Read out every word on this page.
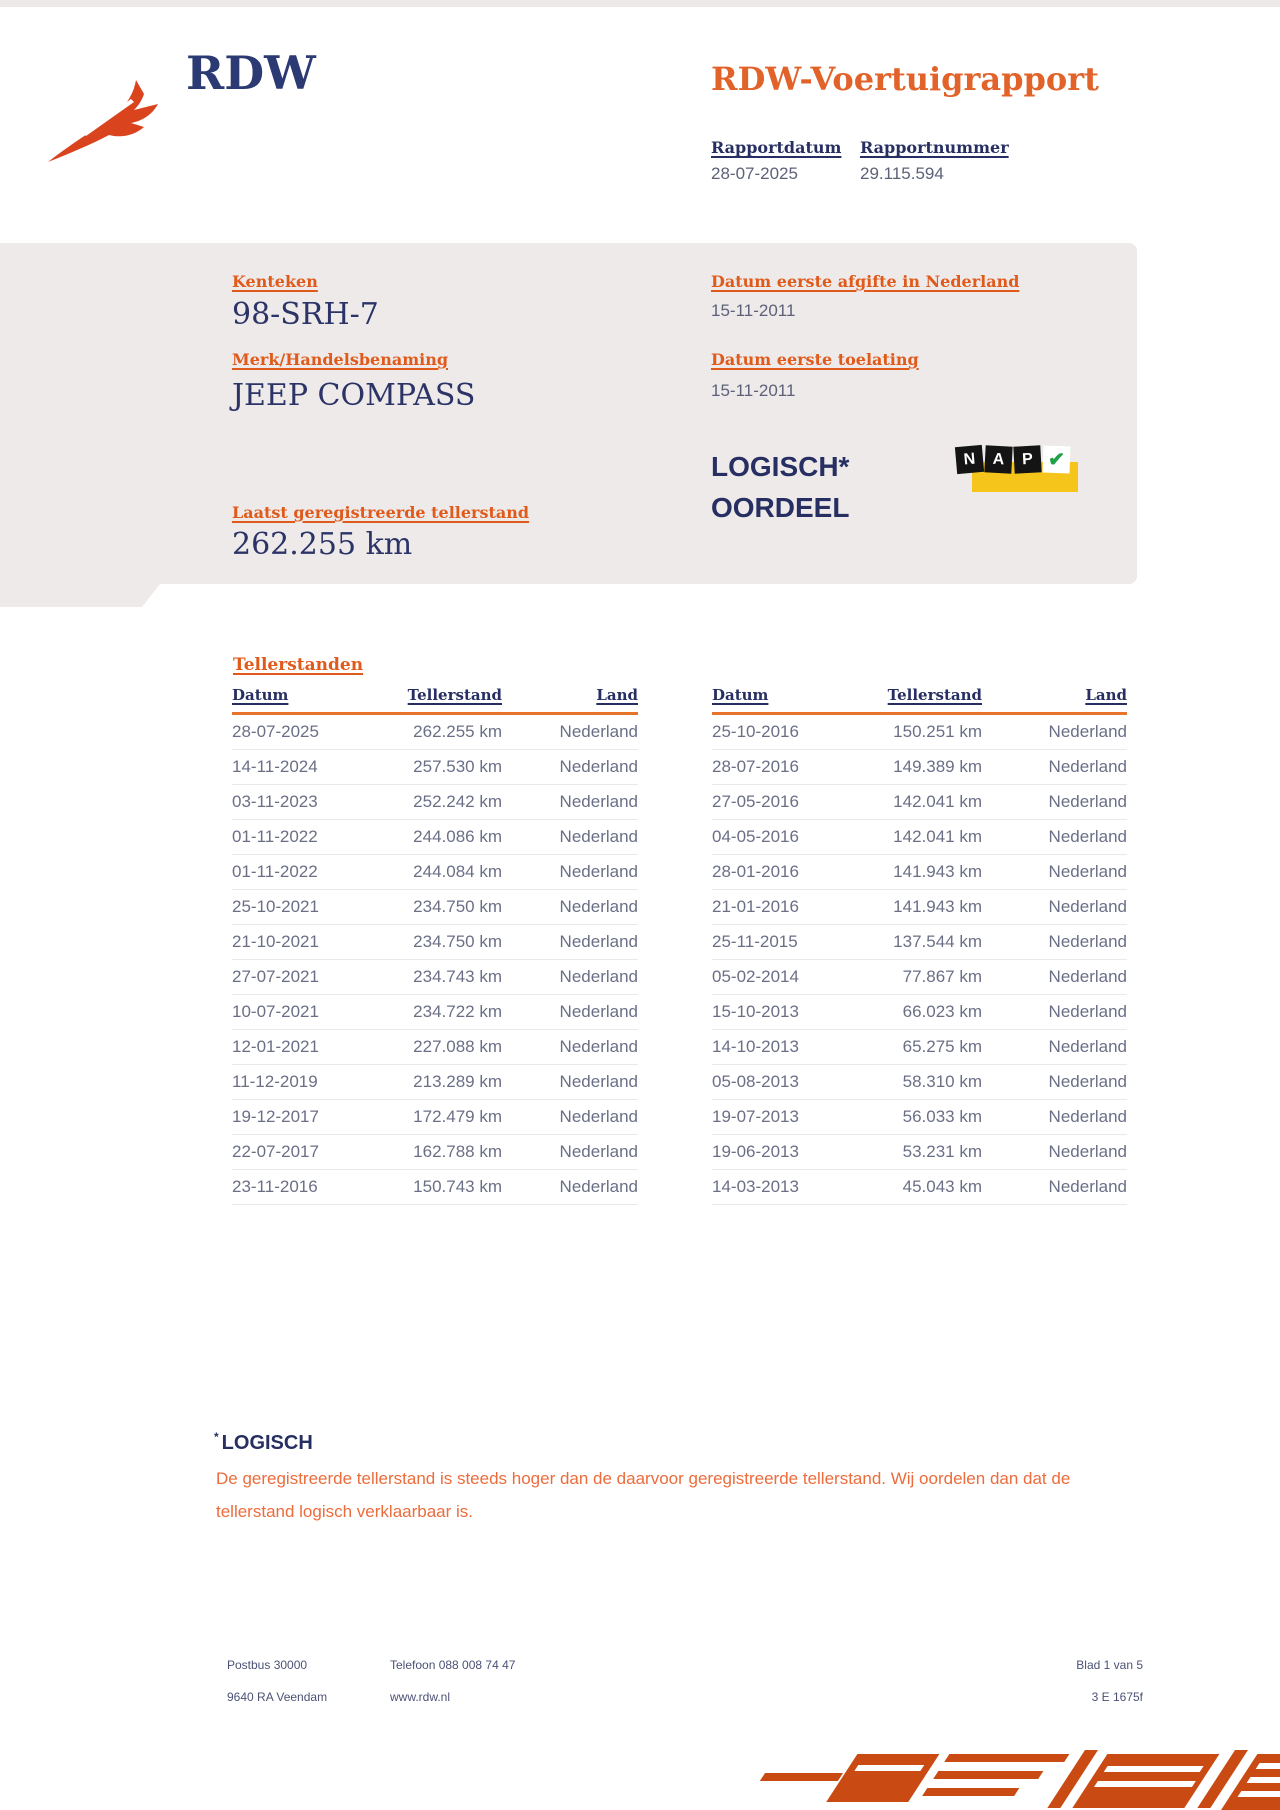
RDW	RDW-Voertuigrapport
Rapportdatum
28-07-2025
Rapportnummer
29.115.594
Kenteken
98-SRH-7
Merk/Handelsbenaming
JEEP COMPASS
Datum eerste afgifte in Nederland
15-11-2011
Datum eerste toelating
15-11-2011
LOGISCH*
OORDEEL
N	A	P ✔
Laatst geregistreerde tellerstand
262.255 km
Tellerstanden
Datum	Tellerstand	Land
28-07-2025	262.255 km	Nederland
14-11-2024	257.530 km	Nederland
03-11-2023	252.242 km	Nederland
01-11-2022	244.086 km	Nederland
01-11-2022	244.084 km	Nederland
25-10-2021	234.750 km	Nederland
21-10-2021	234.750 km	Nederland
27-07-2021	234.743 km	Nederland
10-07-2021	234.722 km	Nederland
12-01-2021	227.088 km	Nederland
11-12-2019	213.289 km	Nederland
19-12-2017	172.479 km	Nederland
22-07-2017	162.788 km	Nederland
23-11-2016	150.743 km	Nederland
Datum	Tellerstand	Land
25-10-2016	150.251 km	Nederland
28-07-2016	149.389 km	Nederland
27-05-2016	142.041 km	Nederland
04-05-2016	142.041 km	Nederland
28-01-2016	141.943 km	Nederland
21-01-2016	141.943 km	Nederland
25-11-2015	137.544 km	Nederland
05-02-2014	77.867 km	Nederland
15-10-2013	66.023 km	Nederland
14-10-2013	65.275 km	Nederland
05-08-2013	58.310 km	Nederland
19-07-2013	56.033 km	Nederland
19-06-2013	53.231 km	Nederland
14-03-2013	45.043 km	Nederland
* LOGISCH
De geregistreerde tellerstand is steeds hoger dan de daarvoor geregistreerde tellerstand. Wij oordelen dan dat de tellerstand logisch verklaarbaar is.
Postbus 30000
9640 RA Veendam
Telefoon 088 008 74 47
www.rdw.nl
Blad 1 van 5
3 E 1675f
